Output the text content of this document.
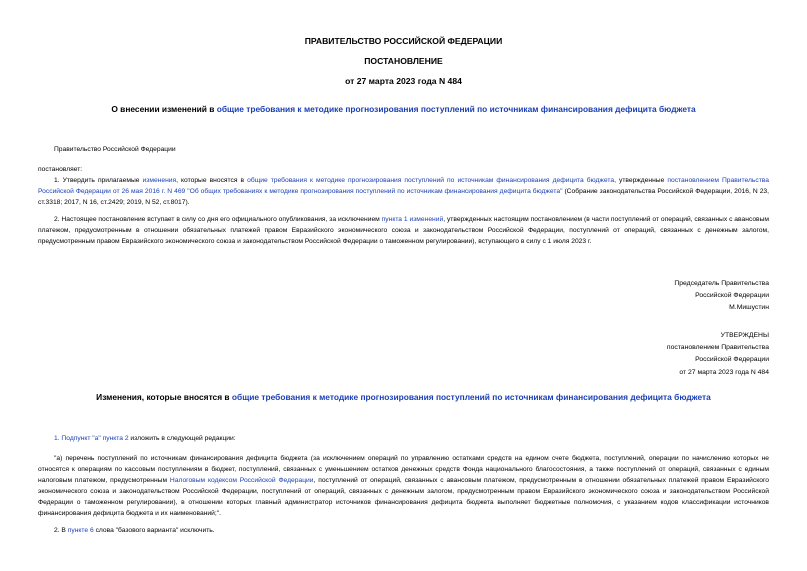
ПРАВИТЕЛЬСТВО РОССИЙСКОЙ ФЕДЕРАЦИИ
ПОСТАНОВЛЕНИЕ
от 27 марта 2023 года N 484
О внесении изменений в общие требования к методике прогнозирования поступлений по источникам финансирования дефицита бюджета
Правительство Российской Федерации
постановляет:
1. Утвердить прилагаемые изменения, которые вносятся в общие требования к методике прогнозирования поступлений по источникам финансирования дефицита бюджета, утвержденные постановлением Правительства Российской Федерации от 26 мая 2016 г. N 469 "Об общих требованиях к методике прогнозирования поступлений по источникам финансирования дефицита бюджета" (Собрание законодательства Российской Федерации, 2016, N 23, ст.3318; 2017, N 16, ст.2429; 2019, N 52, ст.8017).
2. Настоящее постановление вступает в силу со дня его официального опубликования, за исключением пункта 1 изменений, утвержденных настоящим постановлением (в части поступлений от операций, связанных с авансовым платежом, предусмотренным в отношении обязательных платежей правом Евразийского экономического союза и законодательством Российской Федерации, поступлений от операций, связанных с денежным залогом, предусмотренным правом Евразийского экономического союза и законодательством Российской Федерации о таможенном регулировании), вступающего в силу с 1 июля 2023 г.
Председатель Правительства
Российской Федерации
М.Мишустин
УТВЕРЖДЕНЫ
постановлением Правительства
Российской Федерации
от 27 марта 2023 года N 484
Изменения, которые вносятся в общие требования к методике прогнозирования поступлений по источникам финансирования дефицита бюджета
1. Подпункт "а" пункта 2 изложить в следующей редакции:
"а) перечень поступлений по источникам финансирования дефицита бюджета (за исключением операций по управлению остатками средств на едином счете бюджета, поступлений, операции по начислению которых не относятся к операциям по кассовым поступлениям в бюджет, поступлений, связанных с уменьшением остатков денежных средств Фонда национального благосостояния, а также поступлений от операций, связанных с единым налоговым платежом, предусмотренным Налоговым кодексом Российской Федерации, поступлений от операций, связанных с авансовым платежом, предусмотренным в отношении обязательных платежей правом Евразийского экономического союза и законодательством Российской Федерации, поступлений от операций, связанных с денежным залогом, предусмотренным правом Евразийского экономического союза и законодательством Российской Федерации о таможенном регулировании), в отношении которых главный администратор источников финансирования дефицита бюджета выполняет бюджетные полномочия, с указанием кодов классификации источников финансирования дефицита бюджета и их наименований;".
2. В пункте 6 слова "базового варианта" исключить.
